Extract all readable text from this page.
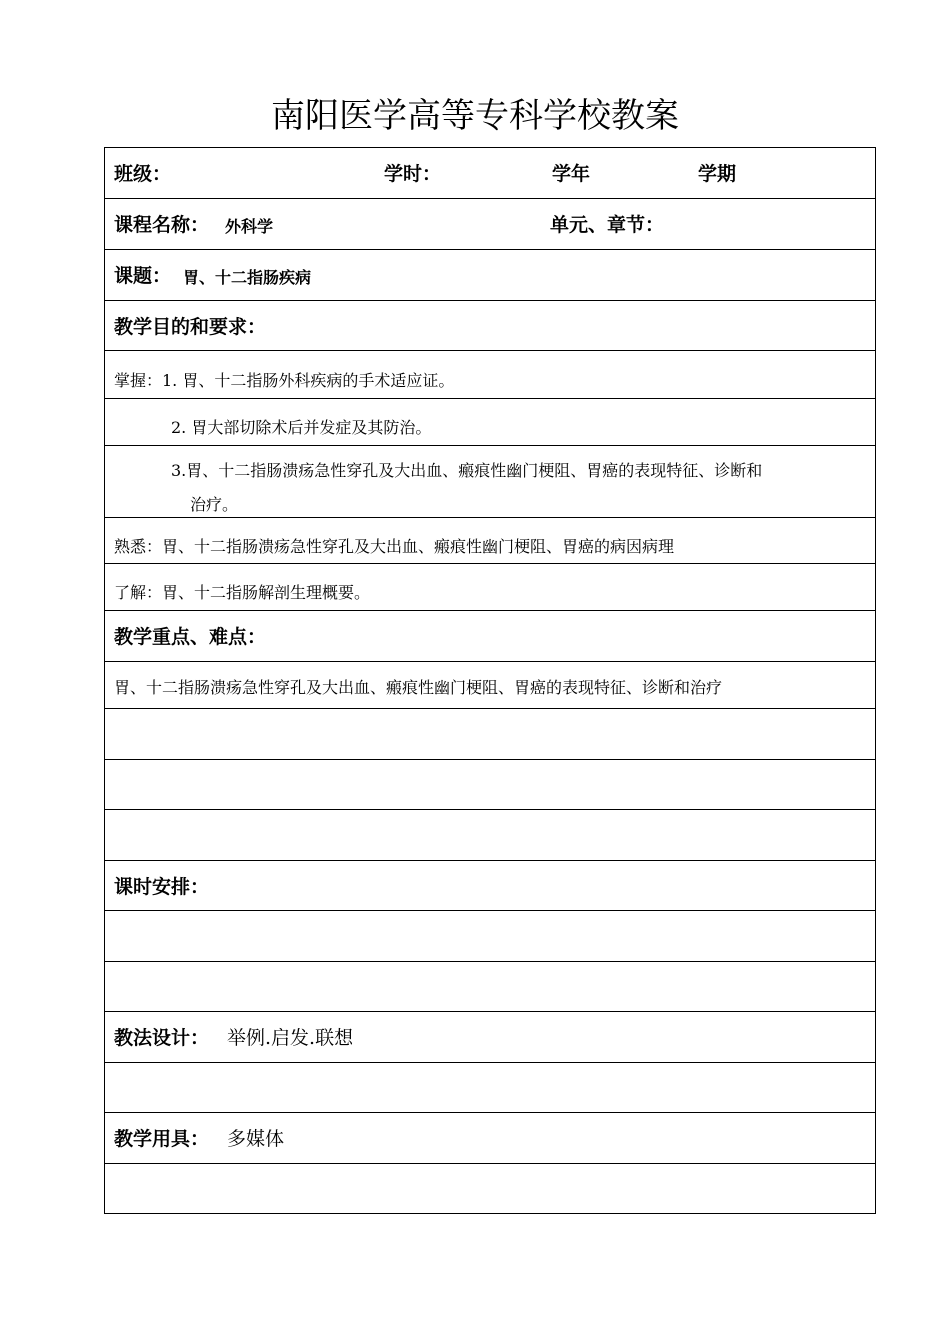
南阳医学高等专科学校教案
班级：	学时：	学年	学期
课程名称： 外科学	单元、章节：
课题： 胃、十二指肠疾病
教学目的和要求：
掌握：1. 胃、十二指肠外科疾病的手术适应证。
2. 胃大部切除术后并发症及其防治。
3.胃、十二指肠溃疡急性穿孔及大出血、瘢痕性幽门梗阻、胃癌的表现特征、诊断和
治疗。
熟悉：胃、十二指肠溃疡急性穿孔及大出血、瘢痕性幽门梗阻、胃癌的病因病理
了解：胃、十二指肠解剖生理概要。
教学重点、难点：
胃、十二指肠溃疡急性穿孔及大出血、瘢痕性幽门梗阻、胃癌的表现特征、诊断和治疗
课时安排：
教法设计： 举例.启发.联想
教学用具： 多媒体
